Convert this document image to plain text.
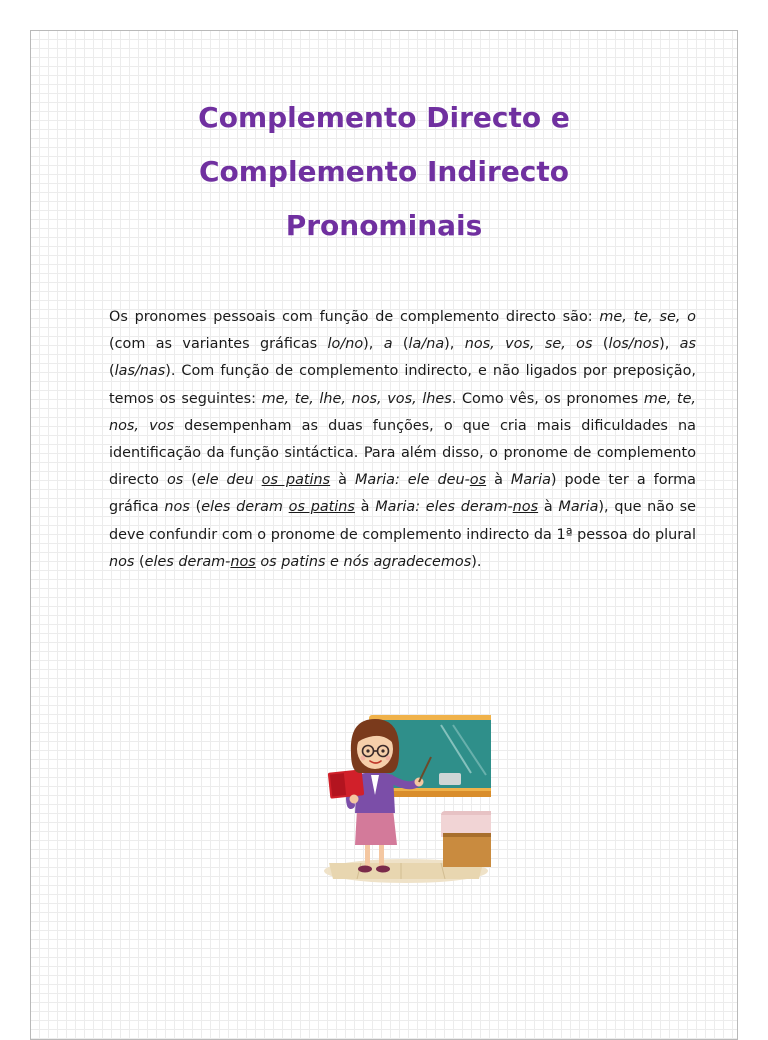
Complemento Directo e
Complemento Indirecto
Pronominais

Os pronomes pessoais com função de complemento directo são: me, te, se, o (com as variantes gráficas lo/no), a (la/na), nos, vos, se, os (los/nos), as (las/nas). Com função de complemento indirecto, e não ligados por preposição, temos os seguintes: me, te, lhe, nos, vos, lhes. Como vês, os pronomes me, te, nos, vos desempenham as duas funções, o que cria mais dificuldades na identificação da função sintáctica. Para além disso, o pronome de complemento directo os (ele deu os patins à Maria: ele deu-os à Maria) pode ter a forma gráfica nos (eles deram os patins à Maria: eles deram-nos à Maria), que não se deve confundir com o pronome de complemento indirecto da 1ª pessoa do plural nos (eles deram-nos os patins e nós agradecemos).
